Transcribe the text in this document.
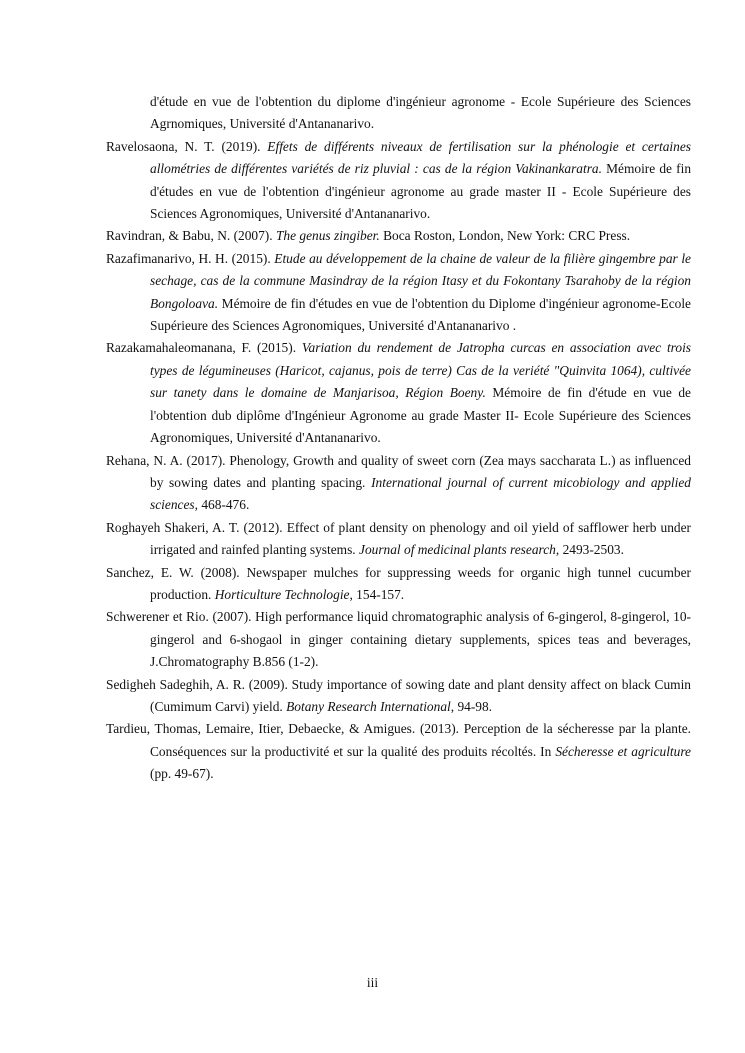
d'étude en vue de l'obtention du diplome d'ingénieur agronome - Ecole Supérieure des Sciences Agrnomiques, Université d'Antananarivo.

Ravelosaona, N. T. (2019). Effets de différents niveaux de fertilisation sur la phénologie et certaines allométries de différentes variétés de riz pluvial : cas de la région Vakinankaratra. Mémoire de fin d'études en vue de l'obtention d'ingénieur agronome au grade master II - Ecole Supérieure des Sciences Agronomiques, Université d'Antananarivo.

Ravindran, & Babu, N. (2007). The genus zingiber. Boca Roston, London, New York: CRC Press.

Razafimanarivo, H. H. (2015). Etude au développement de la chaine de valeur de la filière gingembre par le sechage, cas de la commune Masindray de la région Itasy et du Fokontany Tsarahoby de la région Bongoloava. Mémoire de fin d'études en vue de l'obtention du Diplome d'ingénieur agronome-Ecole Supérieure des Sciences Agronomiques, Université d'Antananarivo .

Razakamahaleomanana, F. (2015). Variation du rendement de Jatropha curcas en association avec trois types de légumineuses (Haricot, cajanus, pois de terre) Cas de la veriété "Quinvita 1064), cultivée sur tanety dans le domaine de Manjarisoa, Région Boeny. Mémoire de fin d'étude en vue de l'obtention dub diplôme d'Ingénieur Agronome au grade Master II- Ecole Supérieure des Sciences Agronomiques, Université d'Antananarivo.

Rehana, N. A. (2017). Phenology, Growth and quality of sweet corn (Zea mays saccharata L.) as influenced by sowing dates and planting spacing. International journal of current micobiology and applied sciences, 468-476.

Roghayeh Shakeri, A. T. (2012). Effect of plant density on phenology and oil yield of safflower herb under irrigated and rainfed planting systems. Journal of medicinal plants research, 2493-2503.

Sanchez, E. W. (2008). Newspaper mulches for suppressing weeds for organic high tunnel cucumber production. Horticulture Technologie, 154-157.

Schwerener et Rio. (2007). High performance liquid chromatographic analysis of 6-gingerol, 8-gingerol, 10-gingerol and 6-shogaol in ginger containing dietary supplements, spices teas and beverages, J.Chromatography B.856 (1-2).

Sedigheh Sadeghih, A. R. (2009). Study importance of sowing date and plant density affect on black Cumin (Cumimum Carvi) yield. Botany Research International, 94-98.

Tardieu, Thomas, Lemaire, Itier, Debaecke, & Amigues. (2013). Perception de la sécheresse par la plante. Conséquences sur la productivité et sur la qualité des produits récoltés. In Sécheresse et agriculture (pp. 49-67).

iii
